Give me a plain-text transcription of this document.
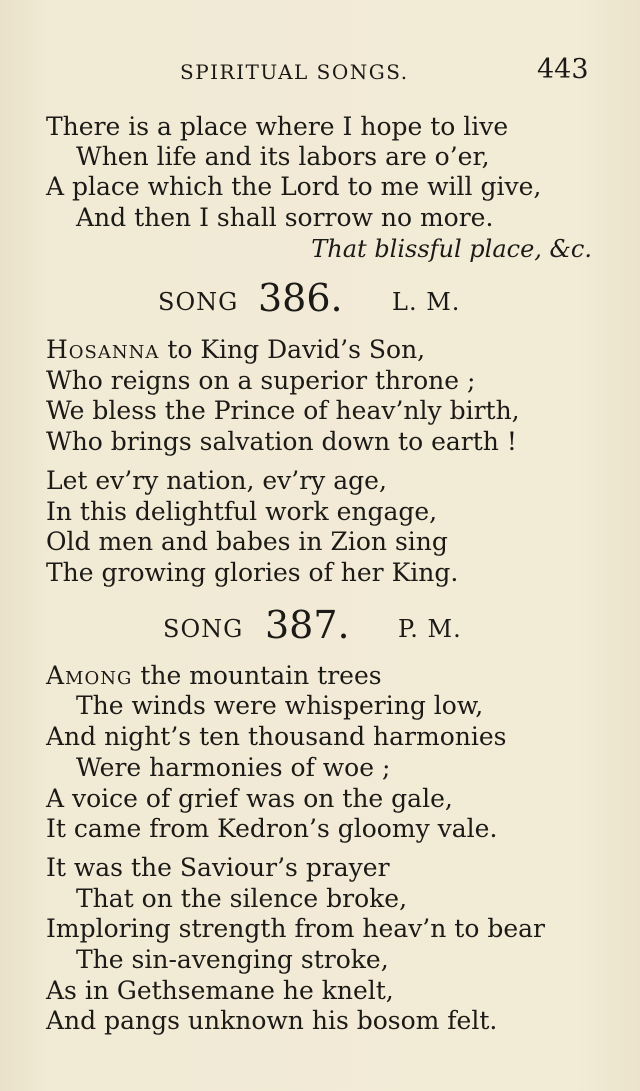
SPIRITUAL SONGS.	443
There is a place where I hope to live
When life and its labors are o’er,
A place which the Lord to me will give,
And then I shall sorrow no more.
That blissful place, &c.
SONG 386. L. M.
Hosanna to King David’s Son,
Who reigns on a superior throne ;
We bless the Prince of heav’nly birth,
Who brings salvation down to earth !
Let ev’ry nation, ev’ry age,
In this delightful work engage,
Old men and babes in Zion sing
The growing glories of her King.
SONG 387. P. M.
Among the mountain trees
The winds were whispering low,
And night’s ten thousand harmonies
Were harmonies of woe ;
A voice of grief was on the gale,
It came from Kedron’s gloomy vale.
It was the Saviour’s prayer
That on the silence broke,
Imploring strength from heav’n to bear
The sin-avenging stroke,
As in Gethsemane he knelt,
And pangs unknown his bosom felt.
